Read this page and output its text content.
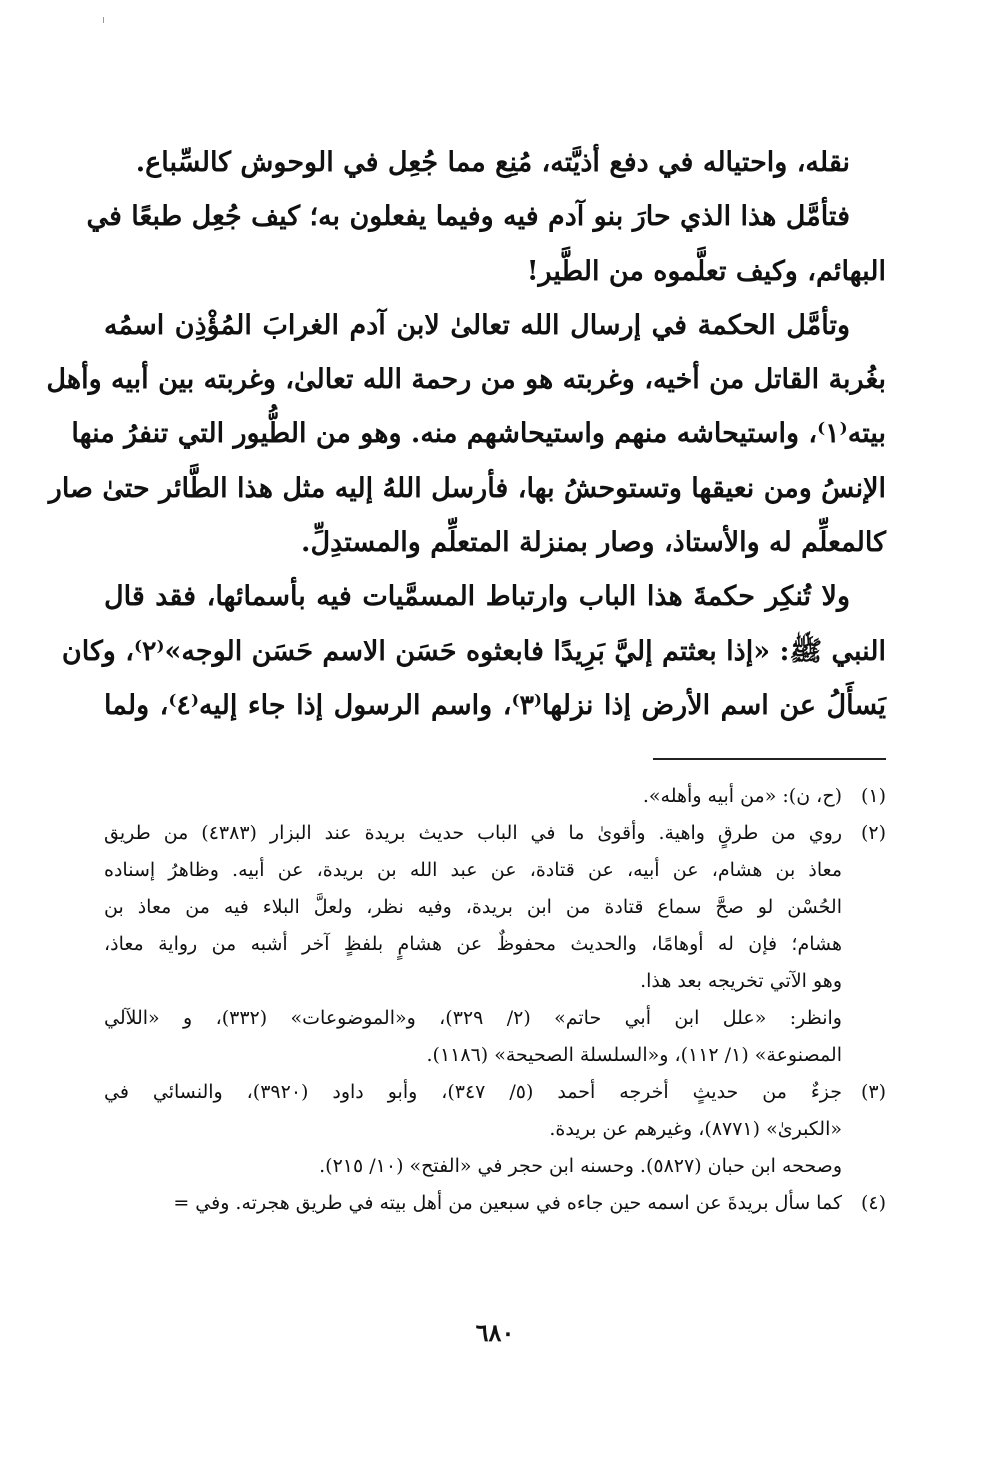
نقله، واحتياله في دفع أذيَّته، مُنِع مما جُعِل في الوحوش كالسِّباع.
فتأمَّل هذا الذي حارَ بنو آدم فيه وفيما يفعلون به؛ كيف جُعِل طبعًا في
البهائم، وكيف تعلَّموه من الطَّير!
وتأمَّل الحكمة في إرسال الله تعالىٰ لابن آدم الغرابَ المُؤْذِن اسمُه
بغُربة القاتل من أخيه، وغربته هو من رحمة الله تعالىٰ، وغربته بين أبيه وأهل
بيته⁽١⁾، واستيحاشه منهم واستيحاشهم منه. وهو من الطُّيور التي تنفرُ منها
الإنسُ ومن نعيقها وتستوحشُ بها، فأرسل اللهُ إليه مثل هذا الطَّائر حتىٰ صار
كالمعلِّم له والأستاذ، وصار بمنزلة المتعلِّم والمستدِلِّ.
ولا تُنكِر حكمةَ هذا الباب وارتباط المسمَّيات فيه بأسمائها، فقد قال
النبي ﷺ: «إذا بعثتم إليَّ بَرِيدًا فابعثوه حَسَن الاسم حَسَن الوجه»⁽٢⁾، وكان
يَسأَلُ عن اسم الأرض إذا نزلها⁽٣⁾، واسم الرسول إذا جاء إليه⁽٤⁾، ولما
(١)(ح، ن): «من أبيه وأهله».
(٢)روي من طرقٍ واهية. وأقوىٰ ما في الباب حديث بريدة عند البزار (٤٣٨٣) من طريق
معاذ بن هشام، عن أبيه، عن قتادة، عن عبد الله بن بريدة، عن أبيه. وظاهرُ إسناده
الحُسْن لو صحَّ سماع قتادة من ابن بريدة، وفيه نظر، ولعلَّ البلاء فيه من معاذ بن
هشام؛ فإن له أوهامًا، والحديث محفوظٌ عن هشامٍ بلفظٍ آخر أشبه من رواية معاذ،
وهو الآتي تخريجه بعد هذا.
وانظر: «علل ابن أبي حاتم» (٢/ ٣٢٩)، و«الموضوعات» (٣٣٢)، و «اللآلي
المصنوعة» (١/ ١١٢)، و«السلسلة الصحيحة» (١١٨٦).
(٣)جزءٌ من حديثٍ أخرجه أحمد (٥/ ٣٤٧)، وأبو داود (٣٩٢٠)، والنسائي في
«الكبرىٰ» (٨٧٧١)، وغيرهم عن بريدة.
وصححه ابن حبان (٥٨٢٧). وحسنه ابن حجر في «الفتح» (١٠/ ٢١٥).
(٤)كما سأل بريدةَ عن اسمه حين جاءه في سبعين من أهل بيته في طريق هجرته. وفي =
٦٨٠
